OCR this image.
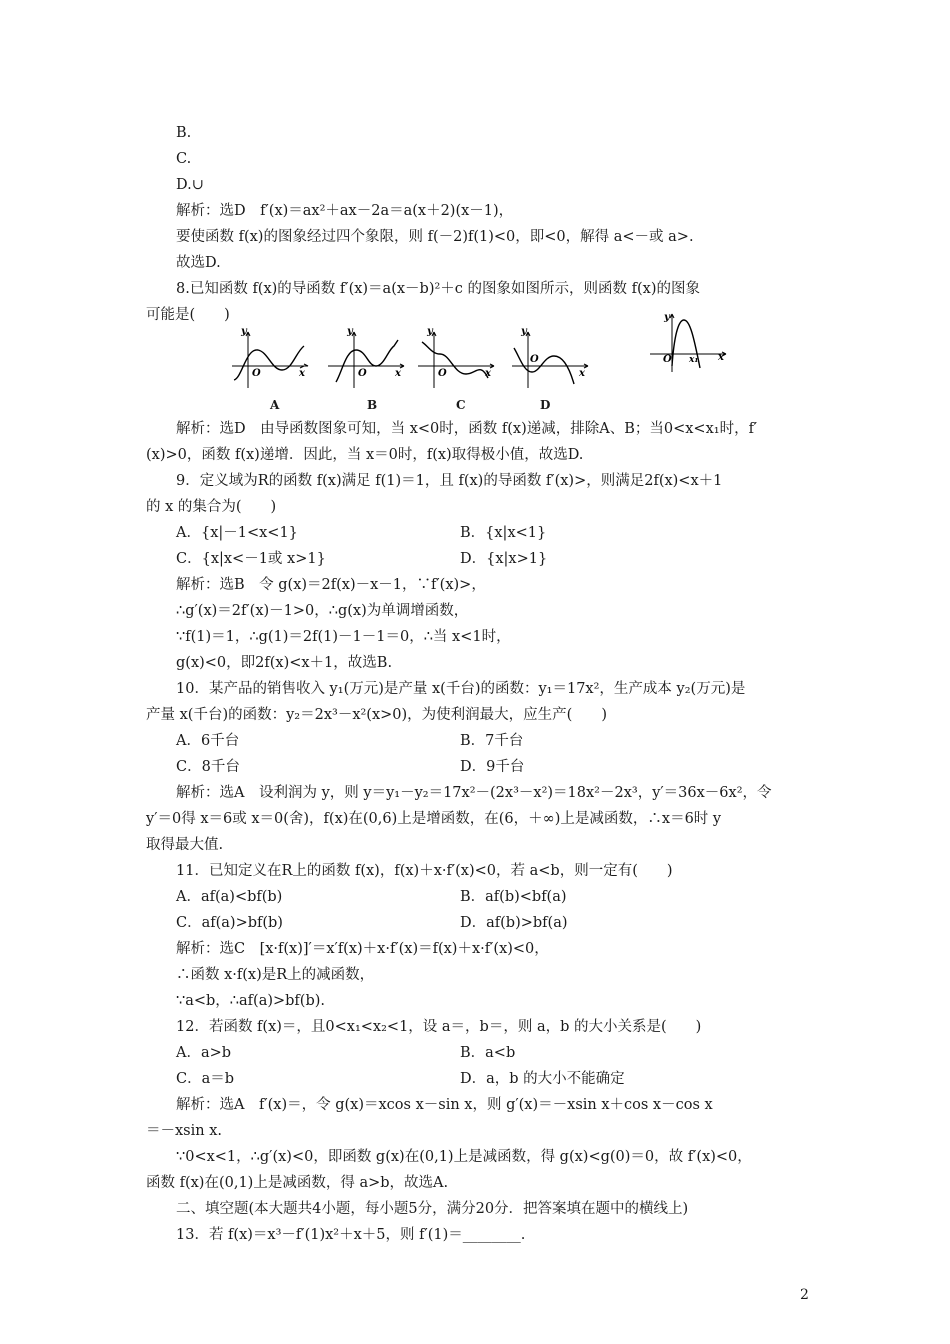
B.
C.
D.∪
解析：选D　f′(x)＝ax²＋ax－2a＝a(x＋2)(x－1)，
要使函数 f(x)的图象经过四个象限，则 f(－2)f(1)<0，即<0，解得 a<－或 a>.
故选D.
8.已知函数 f(x)的导函数 f′(x)＝a(x－b)²＋c 的图象如图所示，则函数 f(x)的图象
可能是(　　)
y
x
O
A
y
x
O
B
y
x
O
C
y
x
O
D
y
x
O x₁
解析：选D　由导函数图象可知，当 x<0时，函数 f(x)递减，排除A、B；当0<x<x₁时，f′
(x)>0，函数 f(x)递增．因此，当 x＝0时，f(x)取得极小值，故选D.
9．定义域为R的函数 f(x)满足 f(1)＝1，且 f(x)的导函数 f′(x)>，则满足2f(x)<x＋1
的 x 的集合为(　　)
A．{x|－1<x<1}	B．{x|x<1}
C．{x|x<－1或 x>1}	D．{x|x>1}
解析：选B　令 g(x)＝2f(x)－x－1，∵f′(x)>，
∴g′(x)＝2f′(x)－1>0，∴g(x)为单调增函数，
∵f(1)＝1，∴g(1)＝2f(1)－1－1＝0，∴当 x<1时，
g(x)<0，即2f(x)<x＋1，故选B.
10．某产品的销售收入 y₁(万元)是产量 x(千台)的函数：y₁＝17x²，生产成本 y₂(万元)是
产量 x(千台)的函数：y₂＝2x³－x²(x>0)，为使利润最大，应生产(　　)
A．6千台	B．7千台
C．8千台	D．9千台
解析：选A　设利润为 y，则 y＝y₁－y₂＝17x²－(2x³－x²)＝18x²－2x³，y′＝36x－6x²，令
y′＝0得 x＝6或 x＝0(舍)，f(x)在(0,6)上是增函数，在(6，＋∞)上是减函数，∴x＝6时 y
取得最大值.
11．已知定义在R上的函数 f(x)，f(x)＋x·f′(x)<0，若 a<b，则一定有(　　)
A．af(a)<bf(b)	B．af(b)<bf(a)
C．af(a)>bf(b)	D．af(b)>bf(a)
解析：选C　[x·f(x)]′＝x′f(x)＋x·f′(x)＝f(x)＋x·f′(x)<0，
∴函数 x·f(x)是R上的减函数，
∵a<b，∴af(a)>bf(b).
12．若函数 f(x)＝，且0<x₁<x₂<1，设 a＝，b＝，则 a，b 的大小关系是(　　)
A．a>b	B．a<b
C．a＝b	D．a，b 的大小不能确定
解析：选A　f′(x)＝，令 g(x)＝xcos x－sin x，则 g′(x)＝－xsin x＋cos x－cos x
＝－xsin x.
∵0<x<1，∴g′(x)<0，即函数 g(x)在(0,1)上是减函数，得 g(x)<g(0)＝0，故 f′(x)<0，
函数 f(x)在(0,1)上是减函数，得 a>b，故选A.
二、填空题(本大题共4小题，每小题5分，满分20分．把答案填在题中的横线上)
13．若 f(x)＝x³－f′(1)x²＋x＋5，则 f′(1)＝________.
2
